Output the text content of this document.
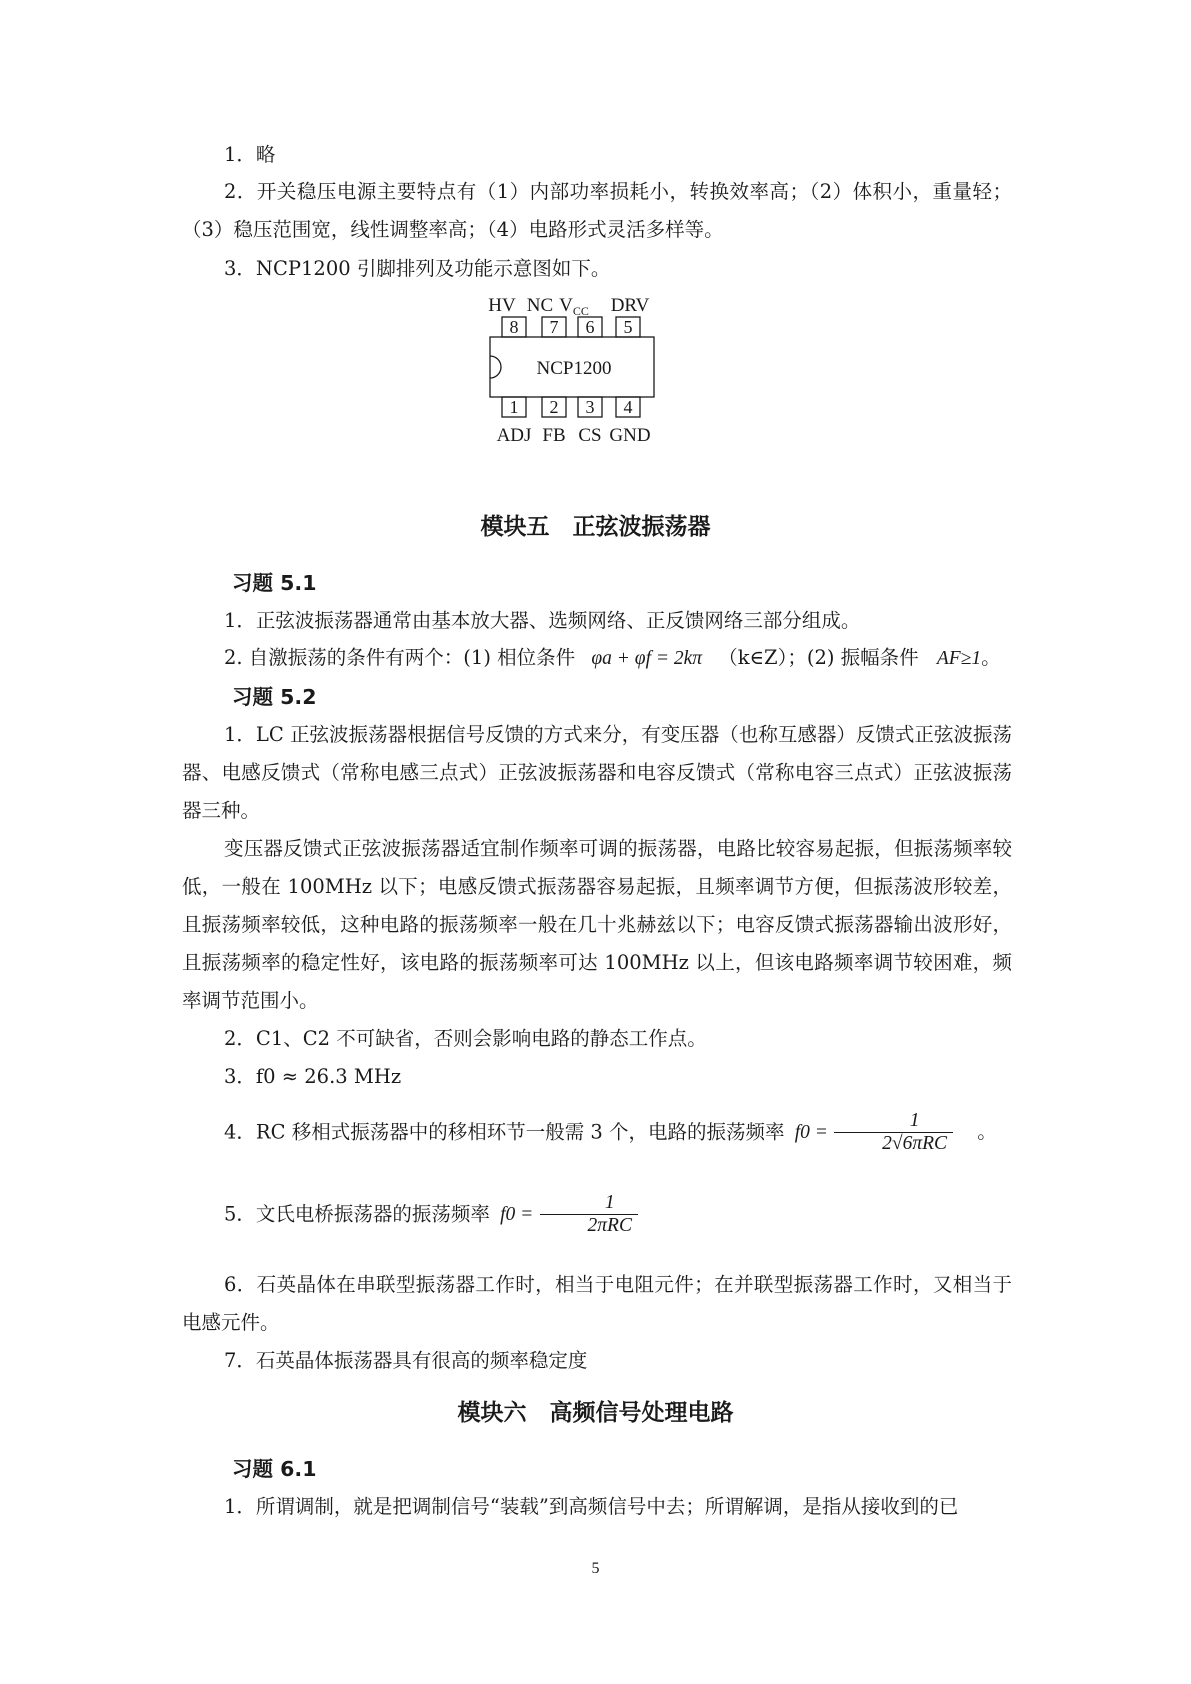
1．略
2．开关稳压电源主要特点有（1）内部功率损耗小，转换效率高；（2）体积小，重量轻；（3）稳压范围宽，线性调整率高；（4）电路形式灵活多样等。
3．NCP1200 引脚排列及功能示意图如下。
HV NC $V_{CC}$ DRV
8 7 6 5
NCP1200
1 2 3 4
ADJ FB CS GND
模块五　正弦波振荡器
习题 5.1
1．正弦波振荡器通常由基本放大器、选频网络、正反馈网络三部分组成。
2. 自激振荡的条件有两个：(1) 相位条件 φa + φf = 2kπ （k∈Z）；(2) 振幅条件 AF≥1。
习题 5.2
1．LC 正弦波振荡器根据信号反馈的方式来分，有变压器（也称互感器）反馈式正弦波振荡器、电感反馈式（常称电感三点式）正弦波振荡器和电容反馈式（常称电容三点式）正弦波振荡器三种。
变压器反馈式正弦波振荡器适宜制作频率可调的振荡器，电路比较容易起振，但振荡频率较低，一般在 100MHz 以下；电感反馈式振荡器容易起振，且频率调节方便，但振荡波形较差，且振荡频率较低，这种电路的振荡频率一般在几十兆赫兹以下；电容反馈式振荡器输出波形好，且振荡频率的稳定性好，该电路的振荡频率可达 100MHz 以上，但该电路频率调节较困难，频率调节范围小。
2．C1、C2 不可缺省，否则会影响电路的静态工作点。
3．f0 ≈ 26.3 MHz
4．RC 移相式振荡器中的移相环节一般需 3 个，电路的振荡频率 $f0 = \frac{1}{\text{2√6πRC}}$ 。
5．文氏电桥振荡器的振荡频率 $f0 = \frac{1}{\text{2πRC}}$
6．石英晶体在串联型振荡器工作时，相当于电阻元件；在并联型振荡器工作时，又相当于电感元件。
7．石英晶体振荡器具有很高的频率稳定度
模块六　高频信号处理电路
习题 6.1
1．所谓调制，就是把调制信号“装载”到高频信号中去；所谓解调，是指从接收到的已
5
